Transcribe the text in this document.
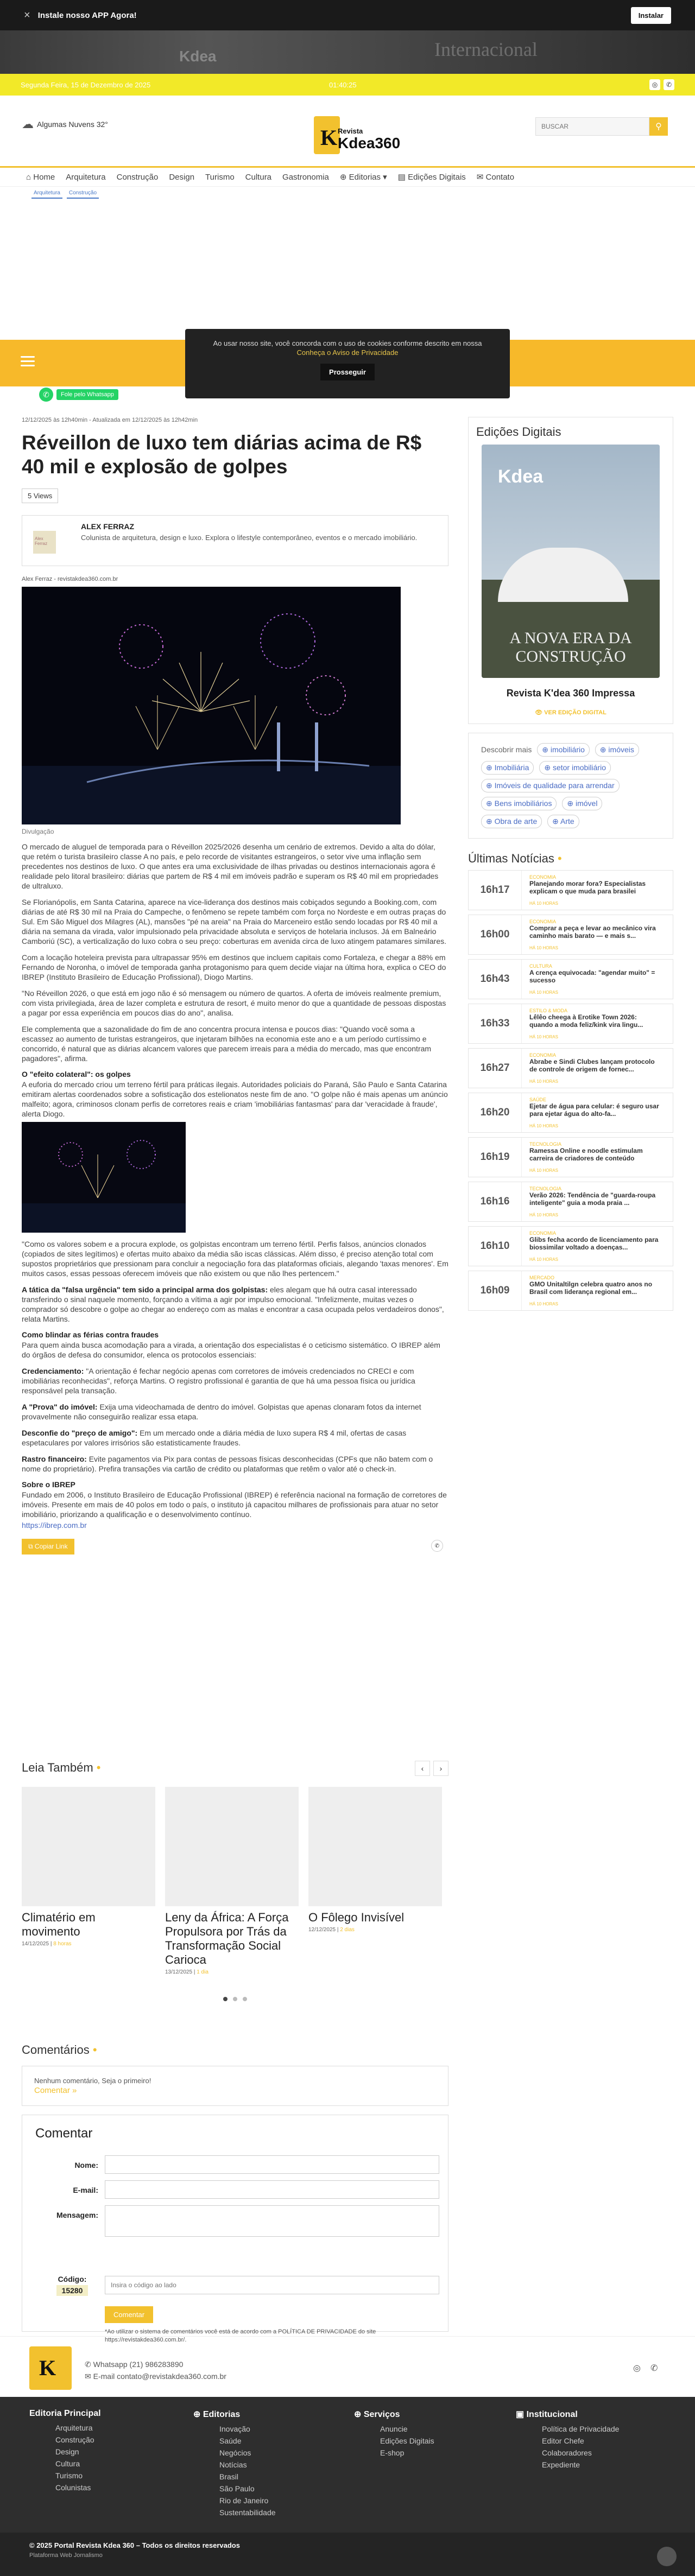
× Instale nosso APP Agora!	Instalar
Kdea	Internacional
Segunda Feira, 15 de Dezembro de 2025	01:40:25	◎	✆
☁ Algumas Nuvens 32°
K Revista
Kdea360
BUSCAR
⚲
⌂ Home Arquitetura Construção Design Turismo Cultura Gastronomia ⊕ Editorias ▾ ▤ Edições Digitais ✉ Contato
Arquitetura	Construção
Ao usar nosso site, você concorda com o uso de cookies conforme descrito em nossa
Conheça o Aviso de Privacidade
Prosseguir
✆	Fole pelo Whatsapp
12/12/2025 às 12h40min - Atualizada em 12/12/2025 às 12h42min
Réveillon de luxo tem diárias acima de R$ 40 mil e explosão de golpes
5 Views
Alex Ferraz
ALEX FERRAZ
Colunista de arquitetura, design e luxo. Explora o lifestyle contemporâneo, eventos e o mercado imobiliário.
Alex Ferraz - revistakdea360.com.br
Divulgação

O mercado de aluguel de temporada para o Réveillon 2025/2026 desenha um cenário de extremos. Devido a alta do dólar, que retém o turista brasileiro classe A no país, e pelo recorde de visitantes estrangeiros, o setor vive uma inflação sem precedentes nos destinos de luxo. O que antes era uma exclusividade de ilhas privadas ou destinos internacionais agora é realidade pelo litoral brasileiro: diárias que partem de R$ 4 mil em imóveis padrão e superam os R$ 40 mil em propriedades de ultraluxo.

Se Florianópolis, em Santa Catarina, aparece na vice-liderança dos destinos mais cobiçados segundo a Booking.com, com diárias de até R$ 30 mil na Praia do Campeche, o fenômeno se repete também com força no Nordeste e em outras praças do Sul. Em São Miguel dos Milagres (AL), mansões "pé na areia" na Praia do Marceneiro estão sendo locadas por R$ 40 mil a diária na semana da virada, valor impulsionado pela privacidade absoluta e serviços de hotelaria inclusos. Já em Balneário Camboriú (SC), a verticalização do luxo cobra o seu preço: coberturas em avenida circa de luxo atingem patamares similares.

Com a locação hoteleira prevista para ultrapassar 95% em destinos que incluem capitais como Fortaleza, e chegar a 88% em Fernando de Noronha, o imóvel de temporada ganha protagonismo para quem decide viajar na última hora, explica o CEO do IBREP (Instituto Brasileiro de Educação Profissional), Diogo Martins.

"No Réveillon 2026, o que está em jogo não é só mensagem ou número de quartos. A oferta de imóveis realmente premium, com vista privilegiada, área de lazer completa e estrutura de resort, é muito menor do que a quantidade de pessoas dispostas a pagar por essa experiência em poucos dias do ano", analisa.

Ele complementa que a sazonalidade do fim de ano concentra procura intensa e poucos dias: "Quando você soma a escassez ao aumento de turistas estrangeiros, que injetaram bilhões na economia este ano e a um período curtíssimo e concorrido, é natural que as diárias alcancem valores que parecem irreais para a média do mercado, mas que encontram pagadores", afirma.

O "efeito colateral": os golpes

A euforia do mercado criou um terreno fértil para práticas ilegais. Autoridades policiais do Paraná, São Paulo e Santa Catarina emitiram alertas coordenados sobre a sofisticação dos estelionatos neste fim de ano. "O golpe não é mais apenas um anúncio malfeito; agora, criminosos clonam perfis de corretores reais e criam 'imobiliárias fantasmas' para dar 'veracidade à fraude', alerta Diogo.

"Como os valores sobem e a procura explode, os golpistas encontram um terreno fértil. Perfis falsos, anúncios clonados (copiados de sites legítimos) e ofertas muito abaixo da média são iscas clássicas. Além disso, é preciso atenção total com supostos proprietários que pressionam para concluir a negociação fora das plataformas oficiais, alegando 'taxas menores'. Em muitos casos, essas pessoas oferecem imóveis que não existem ou que não lhes pertencem."

A tática da "falsa urgência" tem sido a principal arma dos golpistas: eles alegam que há outra casal interessado transferindo o sinal naquele momento, forçando a vítima a agir por impulso emocional. "Infelizmente, muitas vezes o comprador só descobre o golpe ao chegar ao endereço com as malas e encontrar a casa ocupada pelos verdadeiros donos", relata Martins.

Como blindar as férias contra fraudes

Para quem ainda busca acomodação para a virada, a orientação dos especialistas é o ceticismo sistemático. O IBREP além do órgãos de defesa do consumidor, elenca os protocolos essenciais:

Credenciamento: "A orientação é fechar negócio apenas com corretores de imóveis credenciados no CRECI e com imobiliárias reconhecidas", reforça Martins. O registro profissional é garantia de que há uma pessoa física ou jurídica responsável pela transação.

A "Prova" do imóvel: Exija uma videochamada de dentro do imóvel. Golpistas que apenas clonaram fotos da internet provavelmente não conseguirão realizar essa etapa.

Desconfie do "preço de amigo": Em um mercado onde a diária média de luxo supera R$ 4 mil, ofertas de casas espetaculares por valores irrisórios são estatisticamente fraudes.

Rastro financeiro: Evite pagamentos via Pix para contas de pessoas físicas desconhecidas (CPFs que não batem com o nome do proprietário). Prefira transações via cartão de crédito ou plataformas que retêm o valor até o check-in.

Sobre o IBREP

Fundado em 2006, o Instituto Brasileiro de Educação Profissional (IBREP) é referência nacional na formação de corretores de imóveis. Presente em mais de 40 polos em todo o país, o instituto já capacitou milhares de profissionais para atuar no setor imobiliário, priorizando a qualificação e o desenvolvimento contínuo.

https://ibrep.com.br
⧉ Copiar Link	✆
Leia Também •	‹	›
Climatério em movimento
14/12/2025 | 8 horas
Leny da África: A Força Propulsora por Trás da Transformação Social Carioca
13/12/2025 | 1 dia
O Fôlego Invisível
12/12/2025 | 2 dias
Comentários •
Nenhum comentário, Seja o primeiro!
Comentar »
Comentar
Nome:
E-mail:
Mensagem:
Código:
15280
Insira o código ao lado
Comentar
*Ao utilizar o sistema de comentários você está de acordo com a POLÍTICA DE PRIVACIDADE do site https://revistakdea360.com.br/.
Edições Digitais
Kdea
A NOVA ERA DA CONSTRUÇÃO
Revista K'dea 360 Impressa
👁 VER EDIÇÃO DIGITAL
Descobrir mais ⊕ imobiliário ⊕ imóveis ⊕ Imobiliária ⊕ setor imobiliário ⊕ Imóveis de qualidade para arrendar ⊕ Bens imobiliários ⊕ imóvel ⊕ Obra de arte ⊕ Arte
Últimas Notícias •
16h17
ECONOMIA
Planejando morar fora? Especialistas explicam o que muda para brasilei
HÁ 10 HORAS
16h00
ECONOMIA
Comprar a peça e levar ao mecânico vira caminho mais barato — e mais s...
HÁ 10 HORAS
16h43
CULTURA
A crença equivocada: "agendar muito" = sucesso
HÁ 10 HORAS
16h33
ESTILO & MODA
Lêlêo cheega à Erotike Town 2026: quando a moda feliz/kink vira lingu...
HÁ 10 HORAS
16h27
ECONOMIA
Abrabe e Sindi Clubes lançam protocolo de controle de origem de fornec...
HÁ 10 HORAS
16h20
SAÚDE
Ejetar de água para celular: é seguro usar para ejetar água do alto-fa...
HÁ 10 HORAS
16h19
TECNOLOGIA
Ramessa Online e noodle estimulam carreira de criadores de conteúdo
HÁ 10 HORAS
16h16
TECNOLOGIA
Verão 2026: Tendência de "guarda-roupa inteligente" guia a moda praia ...
HÁ 10 HORAS
16h10
ECONOMIA
Glibs fecha acordo de licenciamento para biossimilar voltado a doenças...
HÁ 10 HORAS
16h09
MERCADO
GMO Unitaltilgn celebra quatro anos no Brasil com liderança regional em...
HÁ 10 HORAS
K	✆ Whatsapp (21) 986283890
✉ E-mail contato@revistakdea360.com.br
◎ ✆
Editoria Principal
Arquitetura
Construção
Design
Cultura
Turismo
Colunistas
⊕ Editorias
Inovação
Saúde
Negócios
Notícias
Brasil
São Paulo
Rio de Janeiro
Sustentabilidade
⊕ Serviços
Anuncie
Edições Digitais
E-shop
▣ Institucional
Política de Privacidade
Editor Chefe
Colaboradores
Expediente
© 2025 Portal Revista Kdea 360 – Todos os direitos reservados
Plataforma Web Jornalismo
